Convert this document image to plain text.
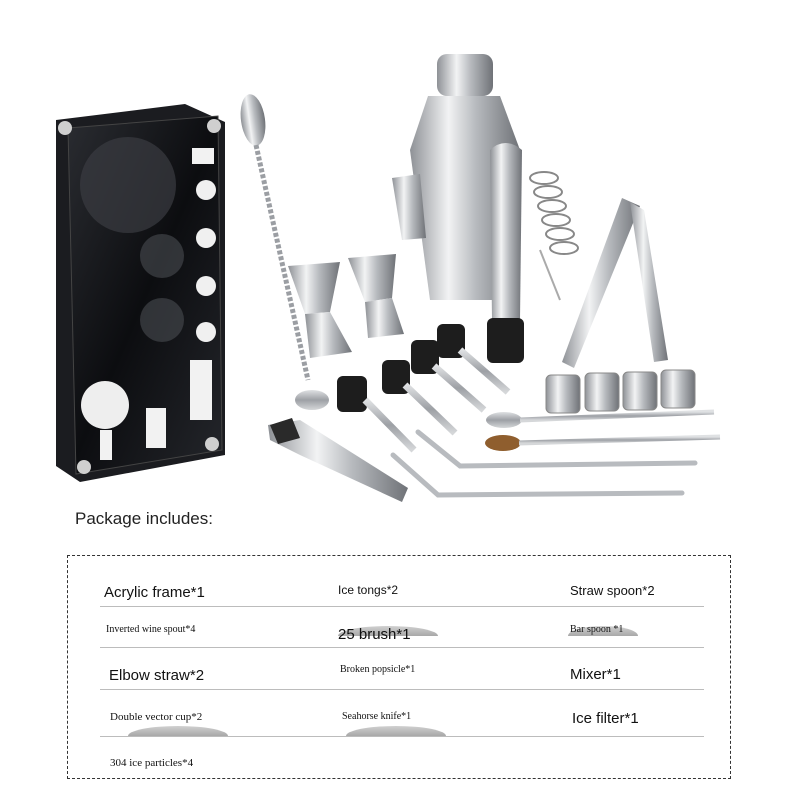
Package includes:
Acrylic frame*1	Ice tongs*2	Straw spoon*2
Inverted wine spout*4	25 brush*1	Bar spoon *1
Elbow straw*2	Broken popsicle*1	Mixer*1
Double vector cup*2	Seahorse knife*1	Ice filter*1
304 ice particles*4
